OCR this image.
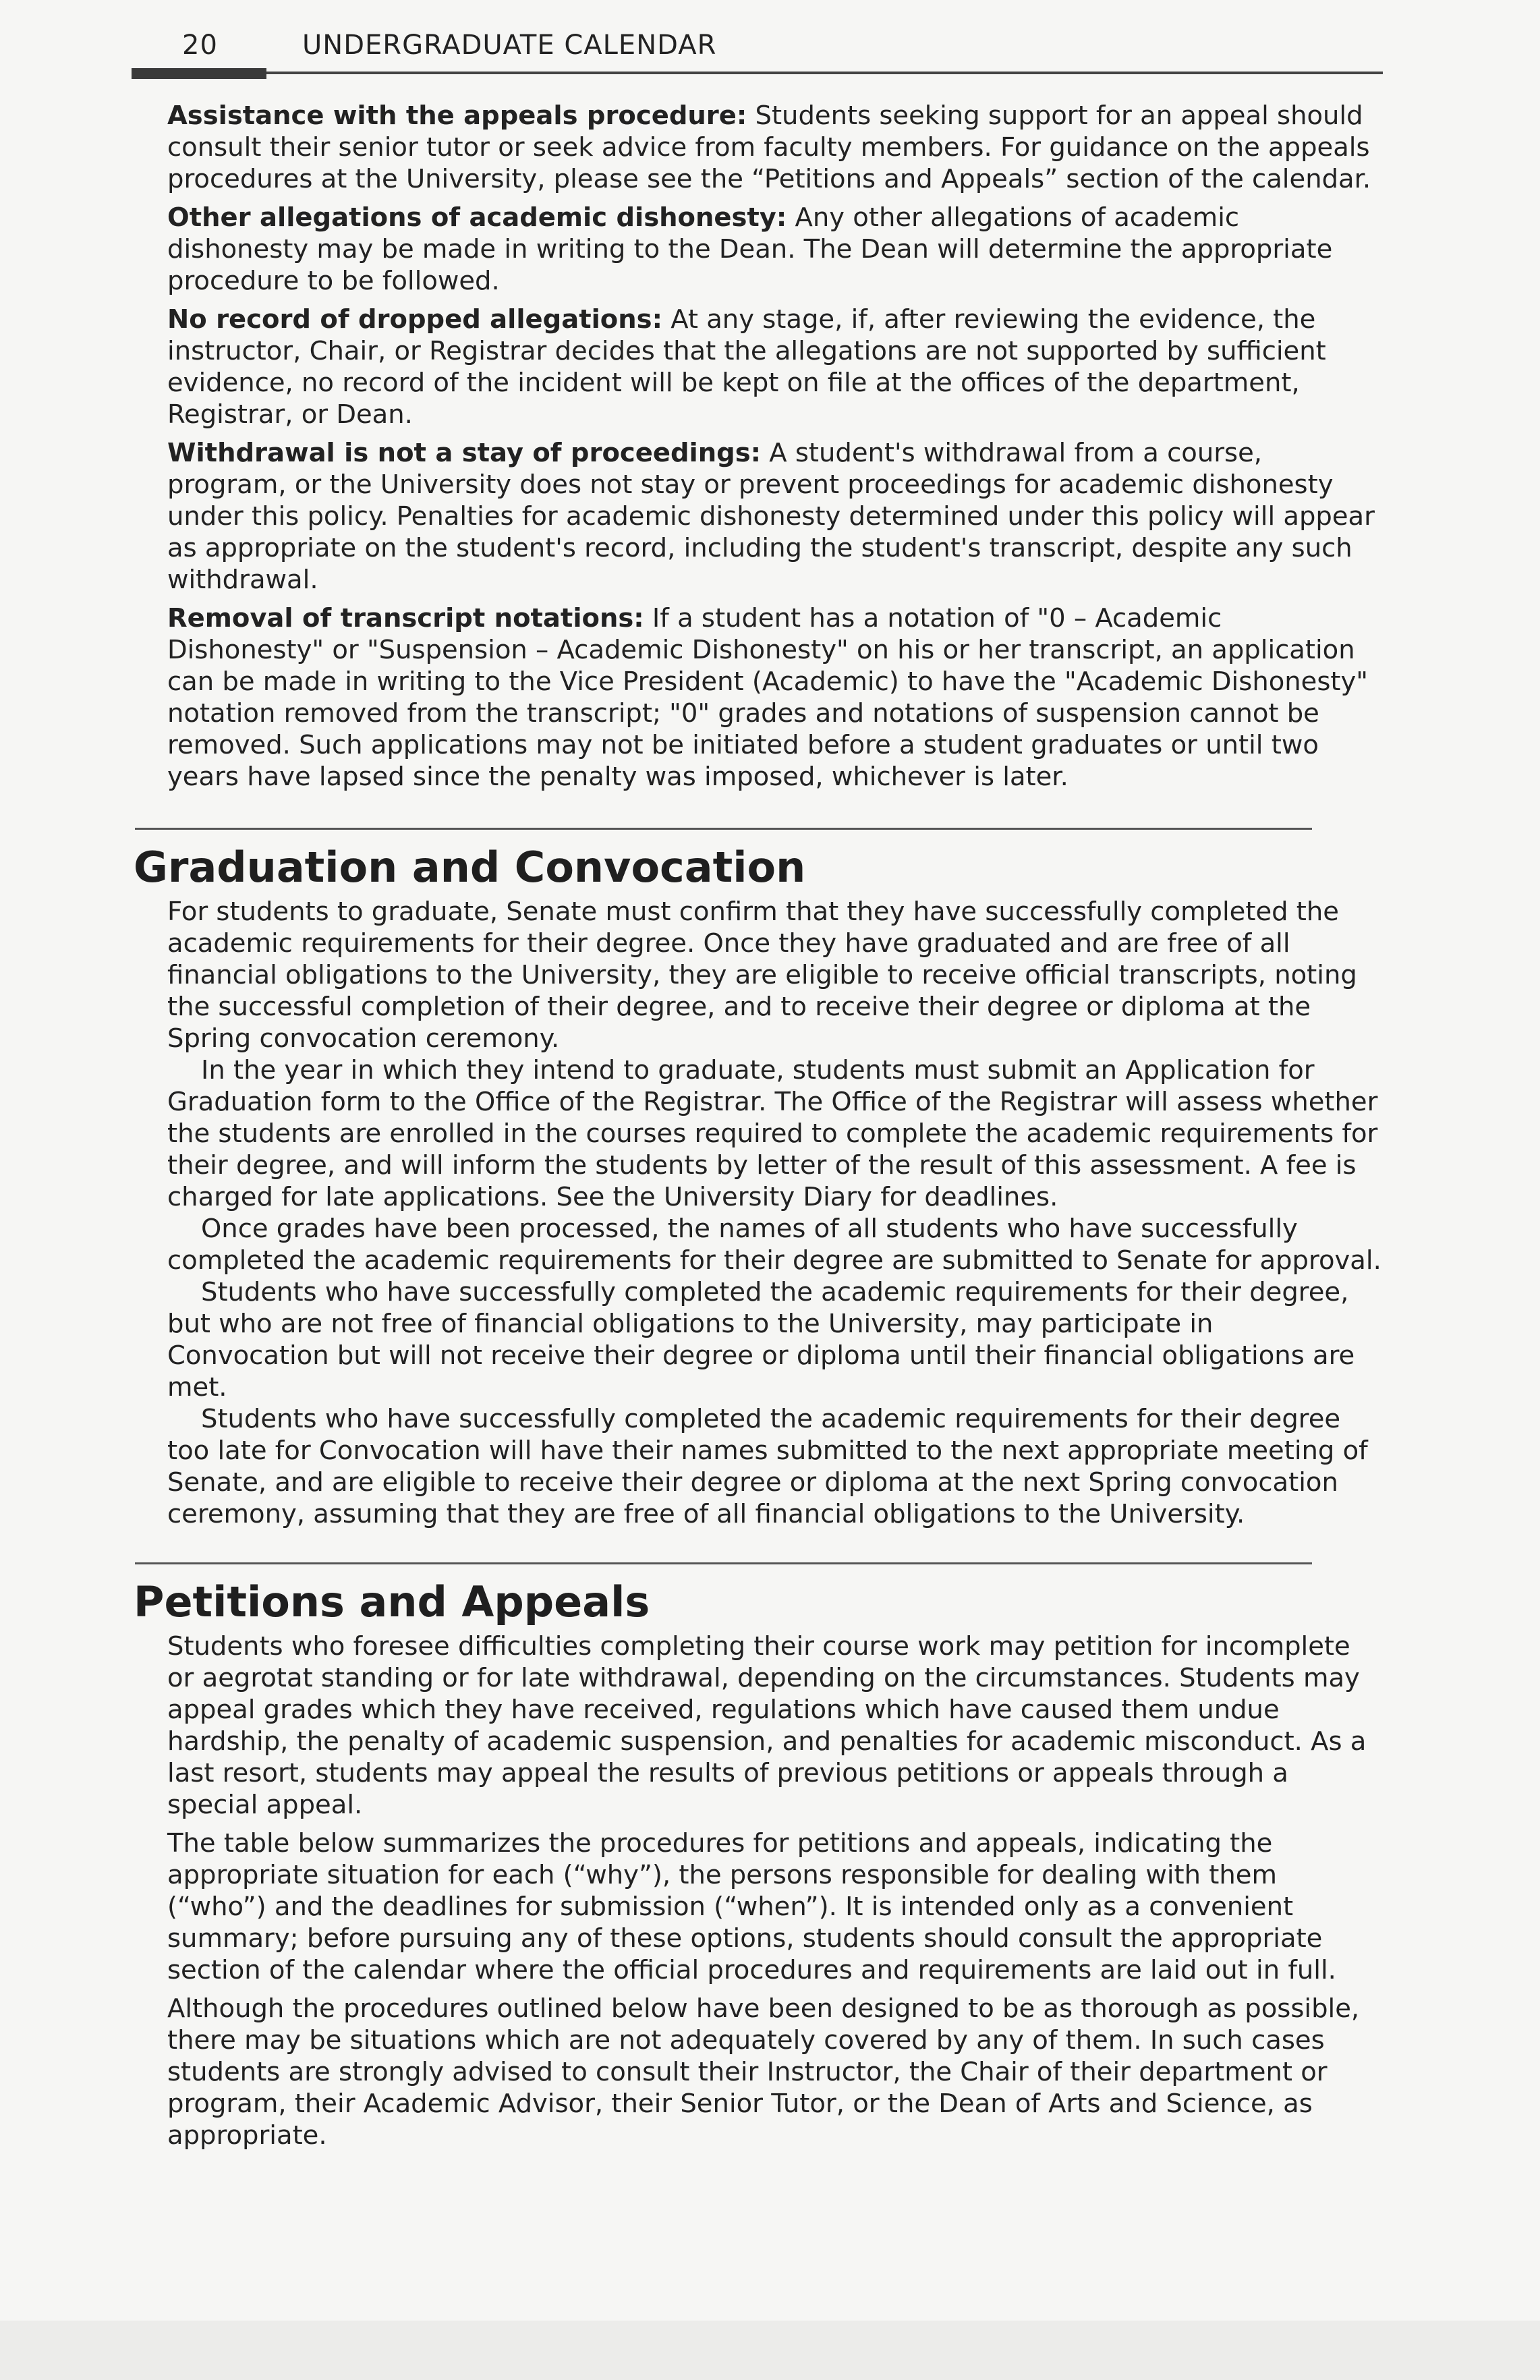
20	UNDERGRADUATE CALENDAR

Assistance with the appeals procedure: Students seeking support for an appeal should consult their senior tutor or seek advice from faculty members. For guidance on the appeals procedures at the University, please see the “Petitions and Appeals” section of the calendar.

Other allegations of academic dishonesty: Any other allegations of academic dishonesty may be made in writing to the Dean. The Dean will determine the appropriate procedure to be followed.

No record of dropped allegations: At any stage, if, after reviewing the evidence, the instructor, Chair, or Registrar decides that the allegations are not supported by sufficient evidence, no record of the incident will be kept on file at the offices of the department, Registrar, or Dean.

Withdrawal is not a stay of proceedings: A student's withdrawal from a course, program, or the University does not stay or prevent proceedings for academic dishonesty under this policy. Penalties for academic dishonesty determined under this policy will appear as appropriate on the student's record, including the student's transcript, despite any such withdrawal.

Removal of transcript notations: If a student has a notation of "0 – Academic Dishonesty" or "Suspension – Academic Dishonesty" on his or her transcript, an application can be made in writing to the Vice President (Academic) to have the "Academic Dishonesty" notation removed from the transcript; "0" grades and notations of suspension cannot be removed. Such applications may not be initiated before a student graduates or until two years have lapsed since the penalty was imposed, whichever is later.

Graduation and Convocation

For students to graduate, Senate must confirm that they have successfully completed the academic requirements for their degree. Once they have graduated and are free of all financial obligations to the University, they are eligible to receive official transcripts, noting the successful completion of their degree, and to receive their degree or diploma at the Spring convocation ceremony.

In the year in which they intend to graduate, students must submit an Application for Graduation form to the Office of the Registrar. The Office of the Registrar will assess whether the students are enrolled in the courses required to complete the academic requirements for their degree, and will inform the students by letter of the result of this assessment. A fee is charged for late applications. See the University Diary for deadlines.

Once grades have been processed, the names of all students who have successfully completed the academic requirements for their degree are submitted to Senate for approval.

Students who have successfully completed the academic requirements for their degree, but who are not free of financial obligations to the University, may participate in Convocation but will not receive their degree or diploma until their financial obligations are met.

Students who have successfully completed the academic requirements for their degree too late for Convocation will have their names submitted to the next appropriate meeting of Senate, and are eligible to receive their degree or diploma at the next Spring convocation ceremony, assuming that they are free of all financial obligations to the University.

Petitions and Appeals

Students who foresee difficulties completing their course work may petition for incomplete or aegrotat standing or for late withdrawal, depending on the circumstances. Students may appeal grades which they have received, regulations which have caused them undue hardship, the penalty of academic suspension, and penalties for academic misconduct. As a last resort, students may appeal the results of previous petitions or appeals through a special appeal.

The table below summarizes the procedures for petitions and appeals, indicating the appropriate situation for each (“why”), the persons responsible for dealing with them (“who”) and the deadlines for submission (“when”). It is intended only as a convenient summary; before pursuing any of these options, students should consult the appropriate section of the calendar where the official procedures and requirements are laid out in full.

Although the procedures outlined below have been designed to be as thorough as possible, there may be situations which are not adequately covered by any of them. In such cases students are strongly advised to consult their Instructor, the Chair of their department or program, their Academic Advisor, their Senior Tutor, or the Dean of Arts and Science, as appropriate.
